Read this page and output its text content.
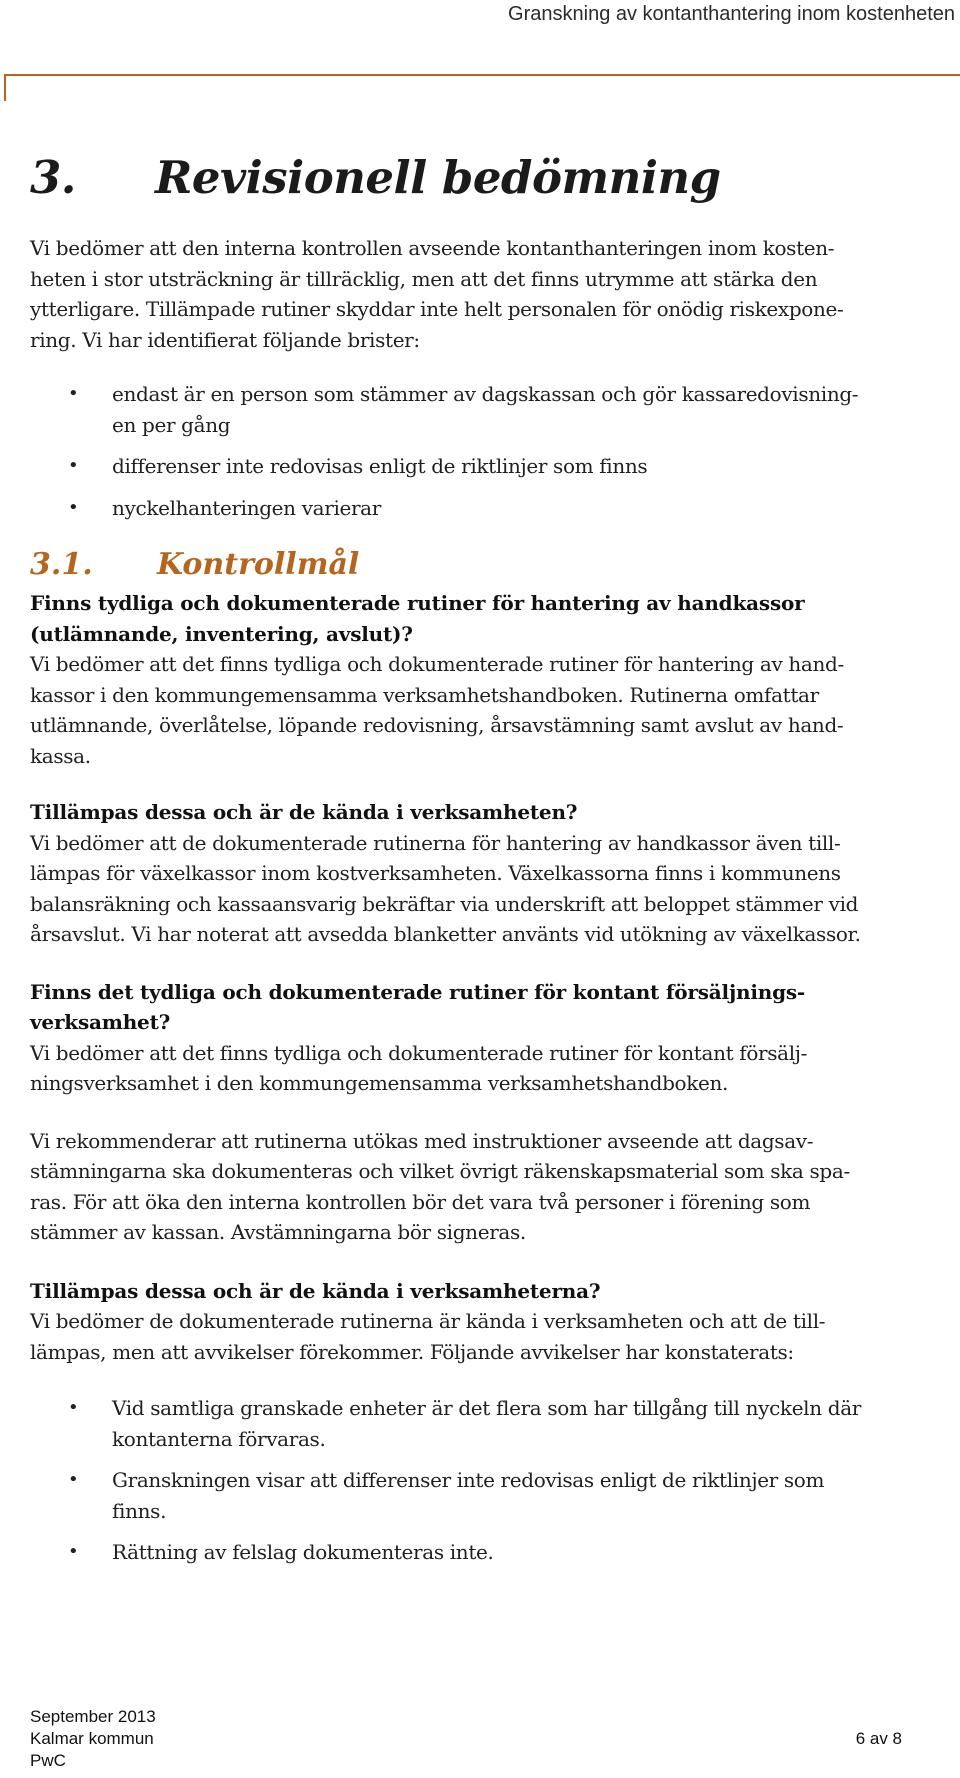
Granskning av kontanthantering inom kostenheten
3. Revisionell bedömning

Vi bedömer att den interna kontrollen avseende kontanthanteringen inom kosten-
heten i stor utsträckning är tillräcklig, men att det finns utrymme att stärka den
ytterligare. Tillämpade rutiner skyddar inte helt personalen för onödig riskexpone-
ring. Vi har identifierat följande brister:

• endast är en person som stämmer av dagskassan och gör kassaredovisning-
en per gång
• differenser inte redovisas enligt de riktlinjer som finns
• nyckelhanteringen varierar
3.1. Kontrollmål

Finns tydliga och dokumenterade rutiner för hantering av handkassor
(utlämnande, inventering, avslut)?

Vi bedömer att det finns tydliga och dokumenterade rutiner för hantering av hand-
kassor i den kommungemensamma verksamhetshandboken. Rutinerna omfattar
utlämnande, överlåtelse, löpande redovisning, årsavstämning samt avslut av hand-
kassa.

Tillämpas dessa och är de kända i verksamheten?

Vi bedömer att de dokumenterade rutinerna för hantering av handkassor även till-
lämpas för växelkassor inom kostverksamheten. Växelkassorna finns i kommunens
balansräkning och kassaansvarig bekräftar via underskrift att beloppet stämmer vid
årsavslut. Vi har noterat att avsedda blanketter använts vid utökning av växelkassor.

Finns det tydliga och dokumenterade rutiner för kontant försäljnings-
verksamhet?

Vi bedömer att det finns tydliga och dokumenterade rutiner för kontant försälj-
ningsverksamhet i den kommungemensamma verksamhetshandboken.

Vi rekommenderar att rutinerna utökas med instruktioner avseende att dagsav-
stämningarna ska dokumenteras och vilket övrigt räkenskapsmaterial som ska spa-
ras. För att öka den interna kontrollen bör det vara två personer i förening som
stämmer av kassan. Avstämningarna bör signeras.

Tillämpas dessa och är de kända i verksamheterna?

Vi bedömer de dokumenterade rutinerna är kända i verksamheten och att de till-
lämpas, men att avvikelser förekommer. Följande avvikelser har konstaterats:

• Vid samtliga granskade enheter är det flera som har tillgång till nyckeln där
kontanterna förvaras.
• Granskningen visar att differenser inte redovisas enligt de riktlinjer som
finns.
• Rättning av felslag dokumenteras inte.
September 2013
Kalmar kommun
PwC
6 av 8
